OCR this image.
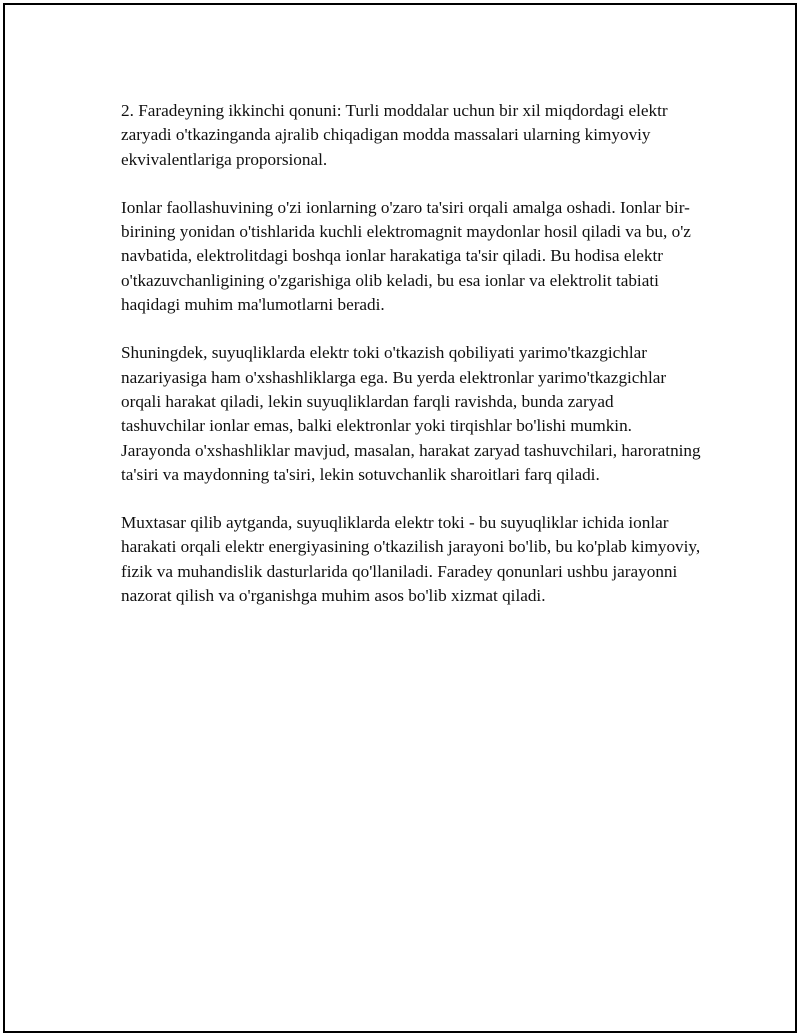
2. Faradeyning ikkinchi qonuni: Turli moddalar uchun bir xil miqdordagi elektr zaryadi o'tkazinganda ajralib chiqadigan modda massalari ularning kimyoviy ekvivalentlariga proporsional.

Ionlar faollashuvining o'zi ionlarning o'zaro ta'siri orqali amalga oshadi. Ionlar bir-birining yonidan o'tishlarida kuchli elektromagnit maydonlar hosil qiladi va bu, o'z navbatida, elektrolitdagi boshqa ionlar harakatiga ta'sir qiladi. Bu hodisa elektr o'tkazuvchanligining o'zgarishiga olib keladi, bu esa ionlar va elektrolit tabiati haqidagi muhim ma'lumotlarni beradi.

Shuningdek, suyuqliklarda elektr toki o'tkazish qobiliyati yarimo'tkazgichlar nazariyasiga ham o'xshashliklarga ega. Bu yerda elektronlar yarimo'tkazgichlar orqali harakat qiladi, lekin suyuqliklardan farqli ravishda, bunda zaryad tashuvchilar ionlar emas, balki elektronlar yoki tirqishlar bo'lishi mumkin. Jarayonda o'xshashliklar mavjud, masalan, harakat zaryad tashuvchilari, haroratning ta'siri va maydonning ta'siri, lekin sotuvchanlik sharoitlari farq qiladi.

Muxtasar qilib aytganda, suyuqliklarda elektr toki - bu suyuqliklar ichida ionlar harakati orqali elektr energiyasining o'tkazilish jarayoni bo'lib, bu ko'plab kimyoviy, fizik va muhandislik dasturlarida qo'llaniladi. Faradey qonunlari ushbu jarayonni nazorat qilish va o'rganishga muhim asos bo'lib xizmat qiladi.
